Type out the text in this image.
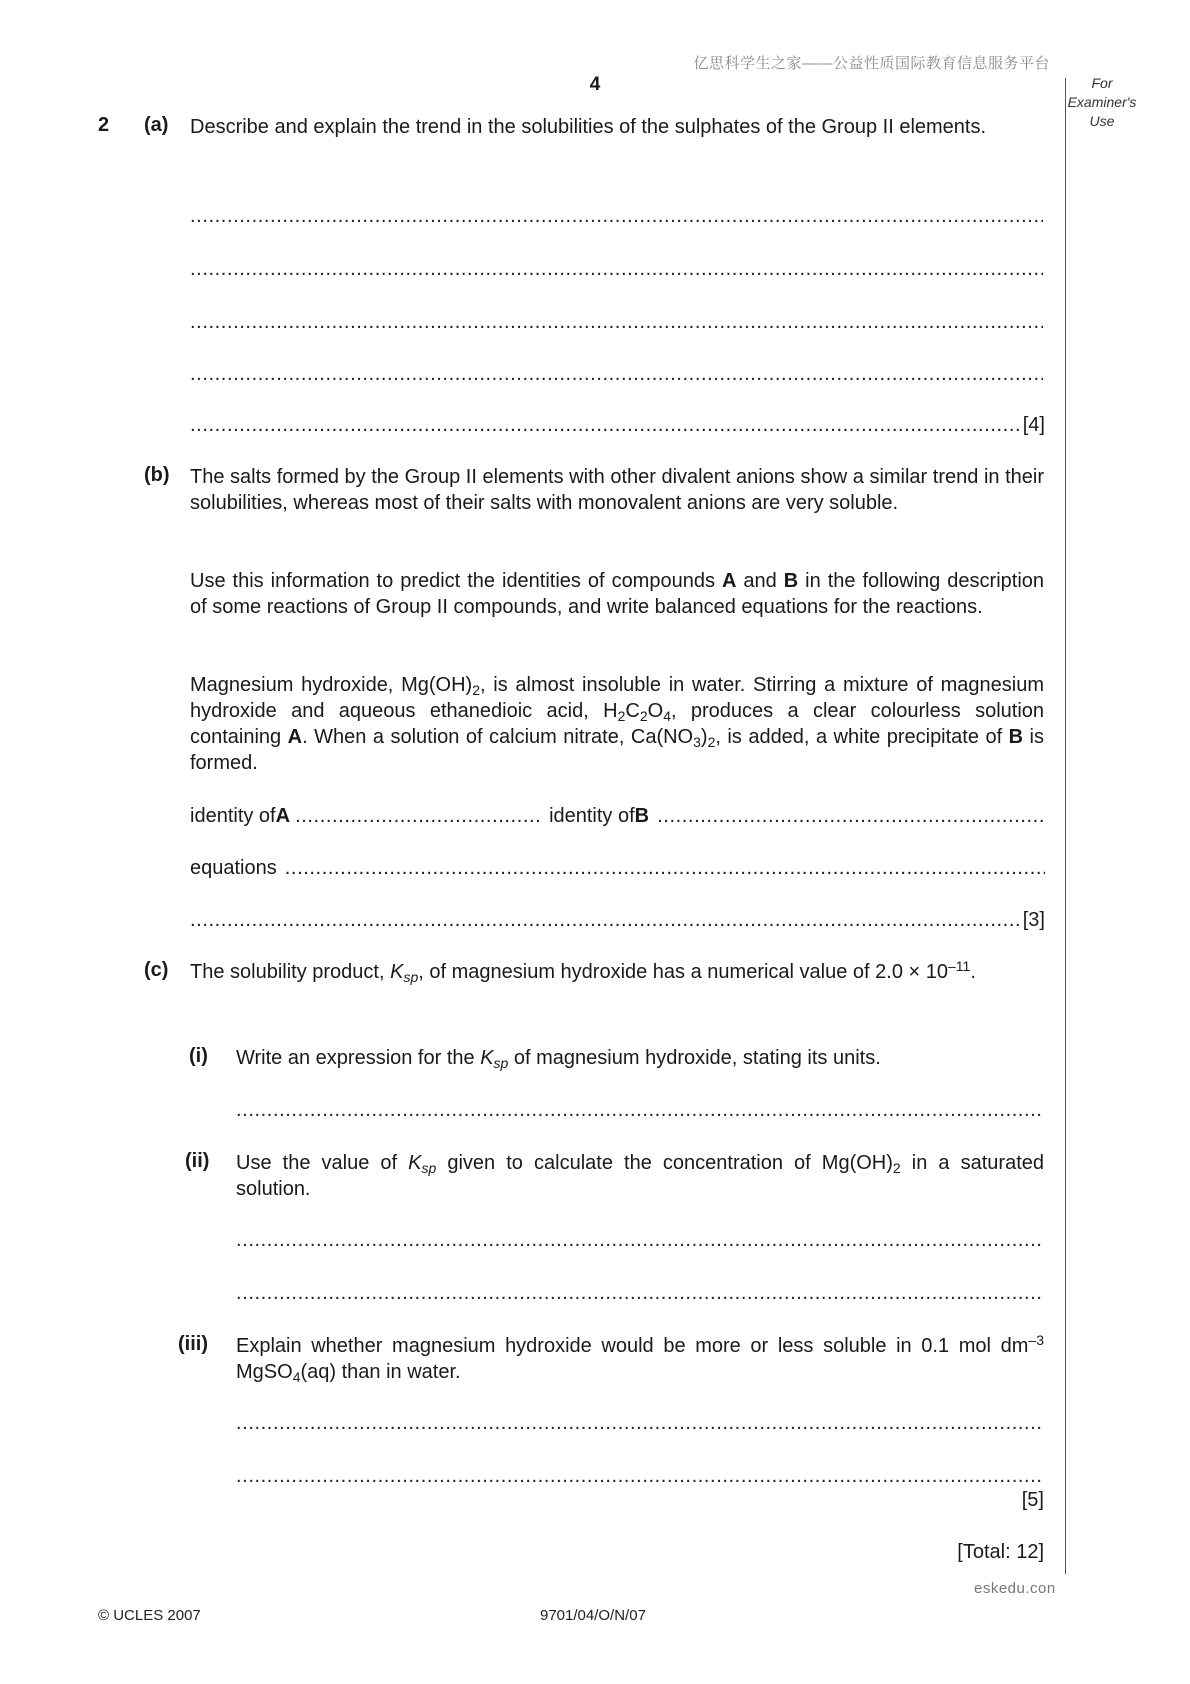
亿思科学生之家——公益性质国际教育信息服务平台
4	For
Examiner's
Use
2 (a) Describe and explain the trend in the solubilities of the sulphates of the Group II elements.
.....
.....
.....
.....
.....
[4]
(b) The salts formed by the Group II elements with other divalent anions show a similar trend in their solubilities, whereas most of their salts with monovalent anions are very soluble.
Use this information to predict the identities of compounds A and B in the following description of some reactions of Group II compounds, and write balanced equations for the reactions.
Magnesium hydroxide, $Mg(OH)_2$, is almost insoluble in water. Stirring a mixture of magnesium hydroxide and aqueous ethanedioic acid, $H_2C_2O_4$, produces a clear colourless solution containing A. When a solution of calcium nitrate, $Ca(NO_3)_2$, is added, a white precipitate of B is formed.
identity of A
.....	identity of B
.....
equations
.....
.....
[3]
(c) The solubility product, $K_{sp}$, of magnesium hydroxide has a numerical value of $2.0 \times 10^{-11}$.
(i) Write an expression for the $K_{sp}$ of magnesium hydroxide, stating its units.
.....
(ii) Use the value of $K_{sp}$ given to calculate the concentration of $Mg(OH)_2$ in a saturated solution.
.....
.....
(iii) Explain whether magnesium hydroxide would be more or less soluble in 0.1 mol $dm^{-3}$ MgSO$_4$(aq) than in water.
.....
.....
[5]
[Total: 12]
eskedu.con
© UCLES 2007	9701/04/O/N/07
